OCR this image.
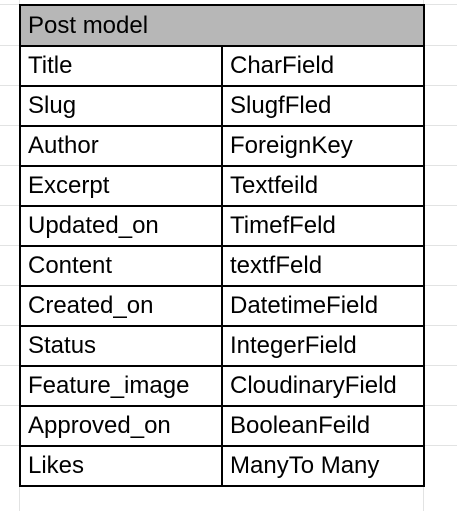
Post model	
Title	CharField
Slug	SlugfFled
Author	ForeignKey
Excerpt	Textfeild
Updated_on	TimefFeld
Content	textfFeld
Created_on	DatetimeField
Status	IntegerField
Feature_image	CloudinaryField
Approved_on	BooleanFeild
Likes	ManyTo Many
